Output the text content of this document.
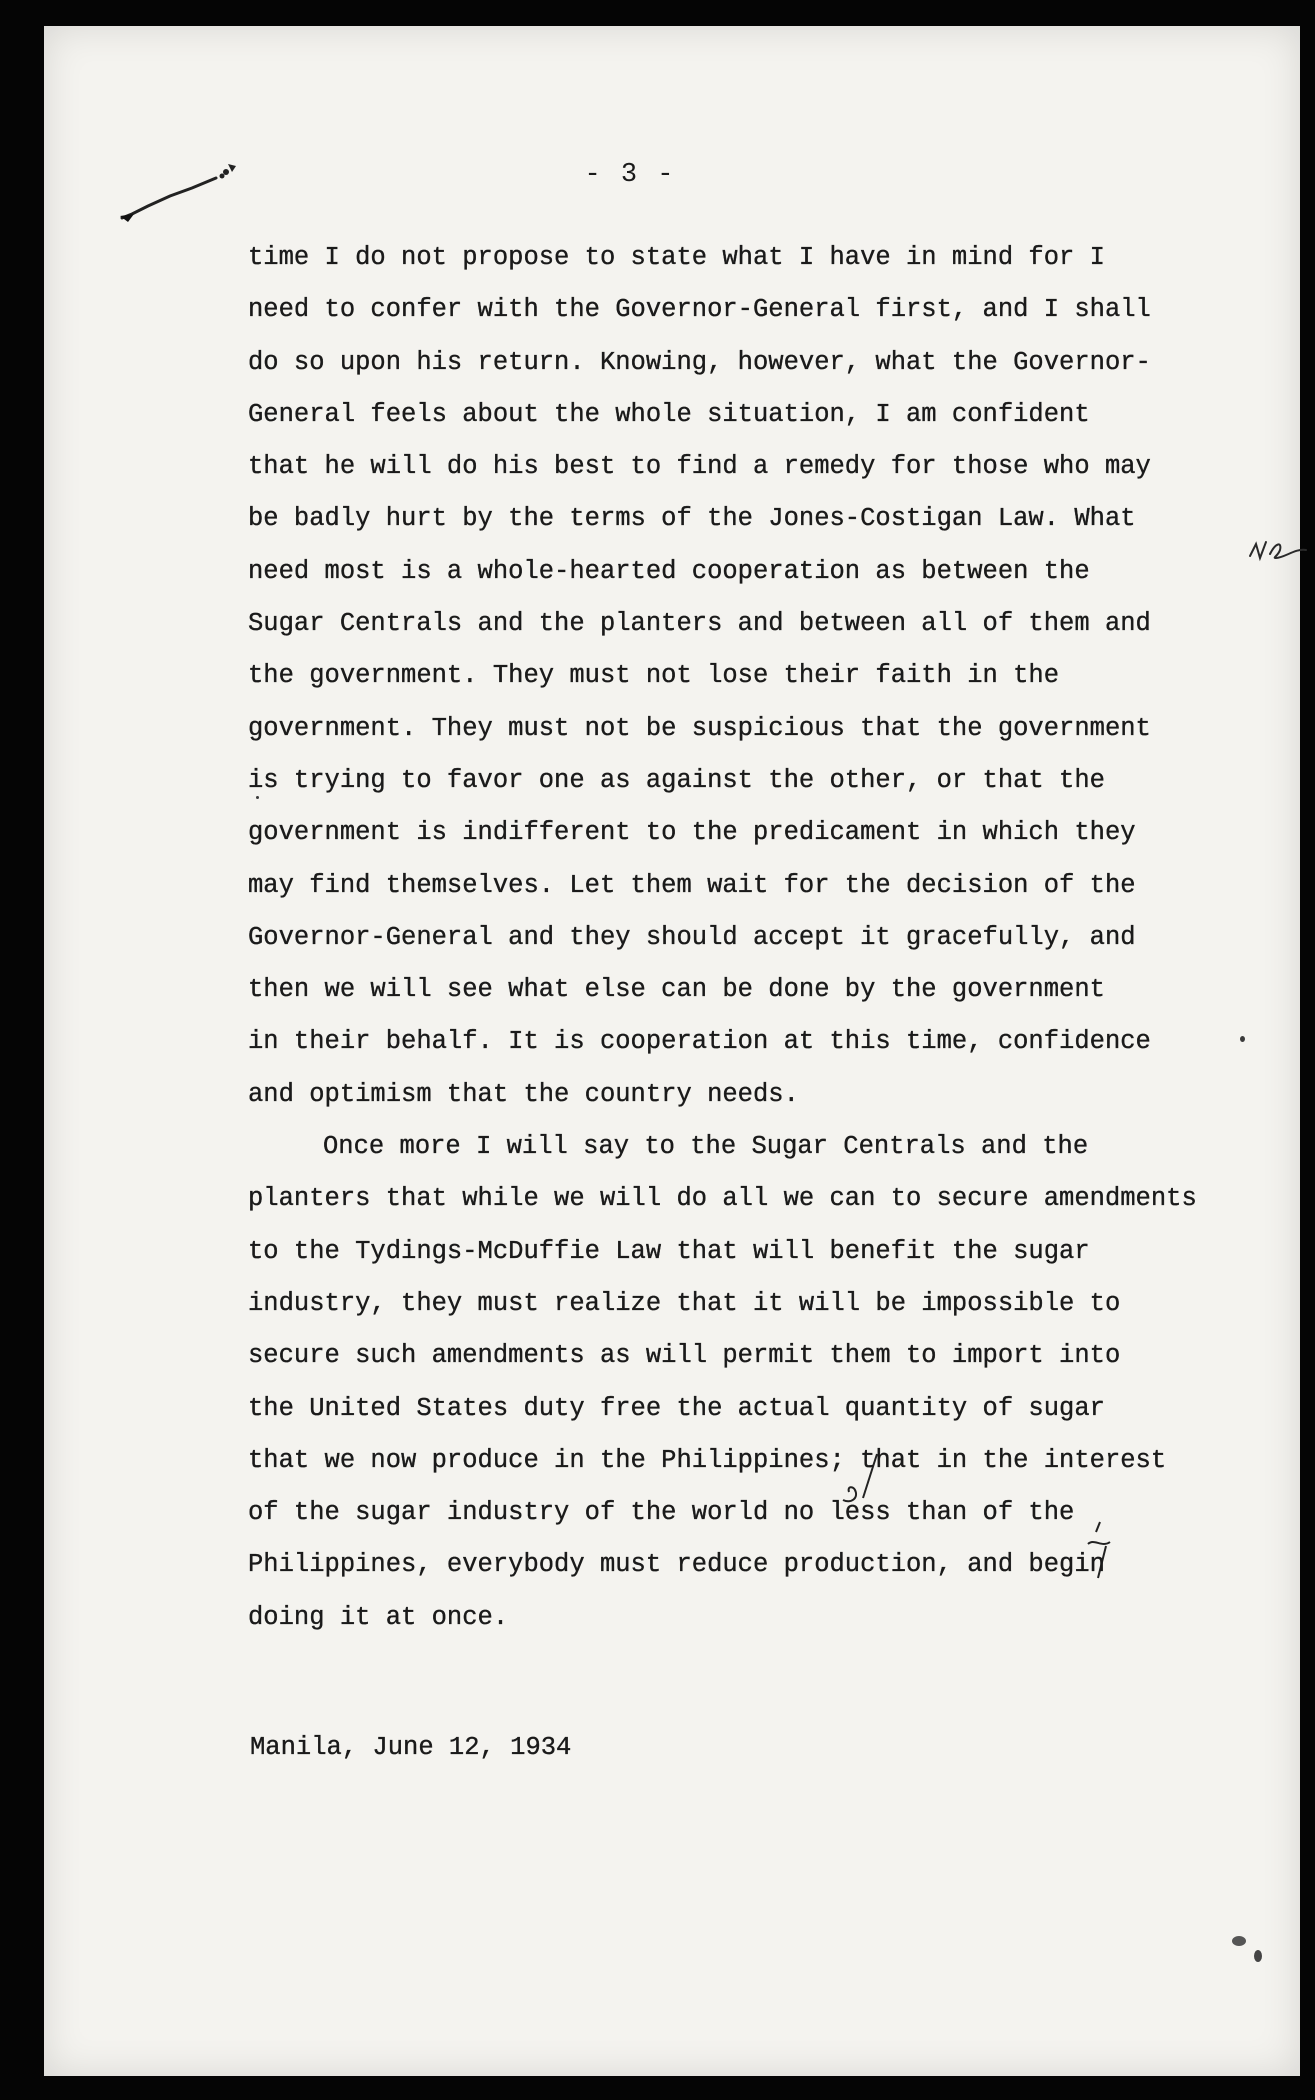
- 3 -
time I do not propose to state what I have in mind for I
need to confer with the Governor-General first, and I shall
do so upon his return. Knowing, however, what the Governor-
General feels about the whole situation, I am confident
that he will do his best to find a remedy for those who may
be badly hurt by the terms of the Jones-Costigan Law. What
need most is a whole-hearted cooperation as between the
Sugar Centrals and the planters and between all of them and
the government. They must not lose their faith in the
government. They must not be suspicious that the government
is trying to favor one as against the other, or that the
government is indifferent to the predicament in which they
may find themselves. Let them wait for the decision of the
Governor-General and they should accept it gracefully, and
then we will see what else can be done by the government
in their behalf. It is cooperation at this time, confidence
and optimism that the country needs.
Once more I will say to the Sugar Centrals and the
planters that while we will do all we can to secure amendments
to the Tydings-McDuffie Law that will benefit the sugar
industry, they must realize that it will be impossible to
secure such amendments as will permit them to import into
the United States duty free the actual quantity of sugar
that we now produce in the Philippines; that in the interest
of the sugar industry of the world no less than of the
Philippines, everybody must reduce production, and begin
doing it at once.
Manila, June 12, 1934
